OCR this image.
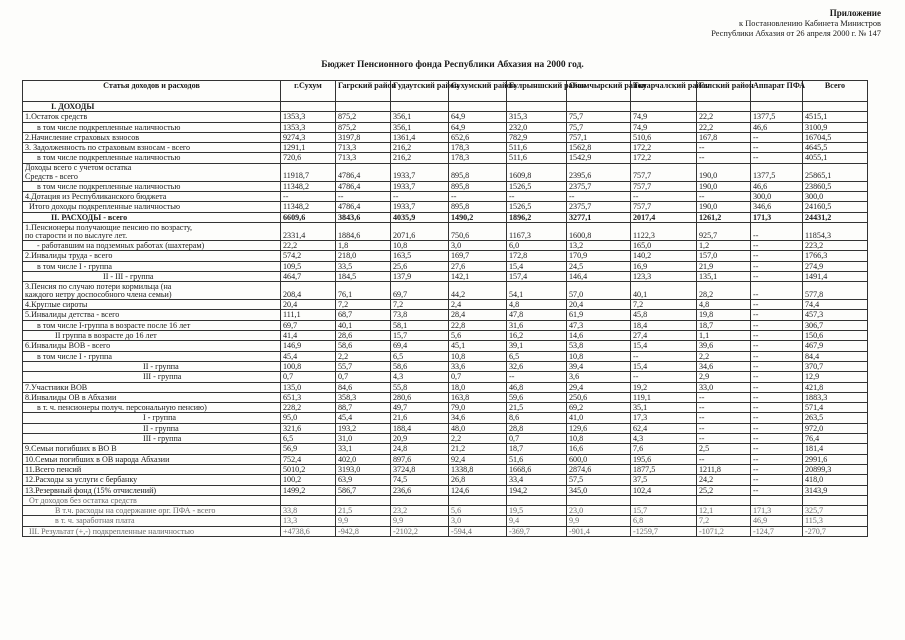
Приложение
к Постановлению Кабинета Министров
Республики Абхазия от 26 апреля 2000 г. № 147
Бюджет Пенсионного фонда Республики Абхазия на 2000 год.
Статья доходов и расходов	г.Сухум	Гагрский район	Гудаутский район	Сухумский район	Гулрыншский район	Очамчырский район	Ткуарчалский район	Галский район	Аппарат ПФА	Всего
I. ДОХОДЫ										
1.Остаток средств	1353,3	875,2	356,1	64,9	315,3	75,7	74,9	22,2	1377,5	4515,1
в том числе подкрепленные наличностью	1353,3	875,2	356,1	64,9	232,0	75,7	74,9	22,2	46,6	3100,9
2.Начисление страховых взносов	9274,3	3197,8	1361,4	652,6	782,9	757,1	510,6	167,8	--	16704,5
3. Задолженность по страховым взносам - всего	1291,1	713,3	216,2	178,3	511,6	1562,8	172,2	--	--	4645,5
в том числе подкрепленные наличностью	720,6	713,3	216,2	178,3	511,6	1542,9	172,2	--	--	4055,1
Доходы всего с учетом остатка
Средств - всего	11918,7	4786,4	1933,7	895,8	1609,8	2395,6	757,7	190,0	1377,5	25865,1
в том числе подкрепленные наличностью	11348,2	4786,4	1933,7	895,8	1526,5	2375,7	757,7	190,0	46,6	23860,5
4.Дотация из Республиканского бюджета	--	--	--	--	--	--	--	--	300,0	300,0
Итого доходы подкрепленные наличностью	11348,2	4786,4	1933,7	895,8	1526,5	2375,7	757,7	190,0	346,6	24160,5
II. РАСХОДЫ - всего	6609,6	3843,6	4035,9	1490,2	1896,2	3277,1	2017,4	1261,2	171,3	24431,2
1.Пенсионеры получающие пенсию по возрасту,
по старости и по выслуге лет.	2331,4	1884,6	2071,6	750,6	1167,3	1600,8	1122,3	925,7	--	11854,3
- работавшим на подземных работах (шахтерам)	22,2	1,8	10,8	3,0	6,0	13,2	165,0	1,2	--	223,2
2.Инвалиды труда - всего	574,2	218,0	163,5	169,7	172,8	170,9	140,2	157,0	--	1766,3
в том числе I - группа	109,5	33,5	25,6	27,6	15,4	24,5	16,9	21,9	--	274,9
II - III - группа	464,7	184,5	137,9	142,1	157,4	146,4	123,3	135,1	--	1491,4
3.Пенсия по случаю потери кормильца (на
каждого нетру доспособного члена семьи)	208,4	76,1	69,7	44,2	54,1	57,0	40,1	28,2	--	577,8
4.Круглые сироты	20,4	7,2	7,2	2,4	4,8	20,4	7,2	4,8	--	74,4
5.Инвалиды детства - всего	111,1	68,7	73,8	28,4	47,8	61,9	45,8	19,8	--	457,3
в том числе I-группа в возрасте после 16 лет	69,7	40,1	58,1	22,8	31,6	47,3	18,4	18,7	--	306,7
II группа в возрасте до 16 лет	41,4	28,6	15,7	5,6	16,2	14,6	27,4	1,1	--	150,6
6.Инвалиды ВОВ - всего	146,9	58,6	69,4	45,1	39,1	53,8	15,4	39,6	--	467,9
в том числе I - группа	45,4	2,2	6,5	10,8	6,5	10,8	--	2,2	--	84,4
II - группа	100,8	55,7	58,6	33,6	32,6	39,4	15,4	34,6	--	370,7
III - группа	0,7	0,7	4,3	0,7	--	3,6	--	2,9	--	12,9
7.Участники ВОВ	135,0	84,6	55,8	18,0	46,8	29,4	19,2	33,0	--	421,8
8.Инвалиды ОВ в Абхазии	651,3	358,3	280,6	163,8	59,6	250,6	119,1	--	--	1883,3
в т. ч. пенсионеры получ. персональную пенсию)	228,2	88,7	49,7	79,0	21,5	69,2	35,1	--	--	571,4
I - группа	95,0	45,4	21,6	34,6	8,6	41,0	17,3	--	--	263,5
II - группа	321,6	193,2	188,4	48,0	28,8	129,6	62,4	--	--	972,0
III - группа	6,5	31,0	20,9	2,2	0,7	10,8	4,3	--	--	76,4
9.Семьи погибших в ВО В	56,9	33,1	24,8	21,2	18,7	16,6	7,6	2,5	--	181,4
10.Семьи погибших в ОВ народа Абхазии	752,4	402,0	897,6	92,4	51,6	600,0	195,6	--	--	2991,6
11.Всего пенсий	5010,2	3193,0	3724,8	1338,8	1668,6	2874,6	1877,5	1211,8	--	20899,3
12.Расходы за услуги с бербанку	100,2	63,9	74,5	26,8	33,4	57,5	37,5	24,2	--	418,0
13.Резервный фонд (15% отчислений)	1499,2	586,7	236,6	124,6	194,2	345,0	102,4	25,2	--	3143,9
От доходов без остатка средств										
В т.ч. расходы на содержание орг. ПФА - всего	33,8	21,5	23,2	5,6	19,5	23,0	15,7	12,1	171,3	325,7
в т. ч. заработная плата	13,3	9,9	9,9	3,0	9,4	9,9	6,8	7,2	46,9	115,3
III. Результат (+,-) подкрепленные наличностью	+4738,6	-942,8	-2102,2	-594,4	-369,7	-901,4	-1259,7	-1071,2	-124,7	-270,7
